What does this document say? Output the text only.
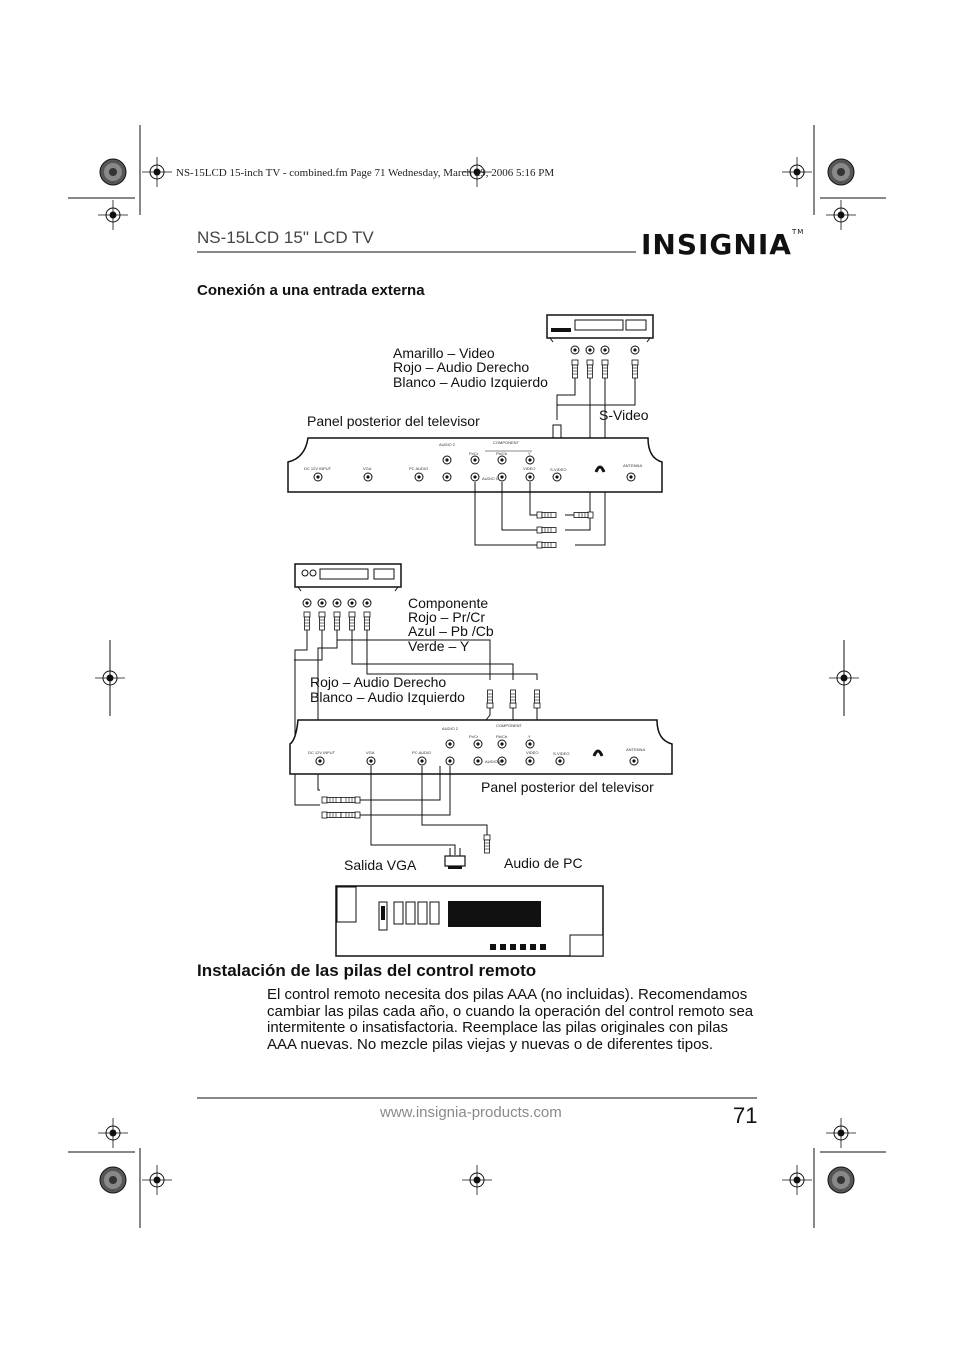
NS-15LCD 15-inch TV - combined.fm Page 71 Wednesday, March 29, 2006 5:16 PM
NS-15LCD 15" LCD TV	INSIGNIA™
Conexión a una entrada externa
Amarillo – Video
Rojo – Audio Derecho
Blanco – Audio Izquierdo
S-Video
Panel posterior del televisor
DC 12V INPUT	VGA	PC AUDIO
AUDIO 2	COMPONENT
Pr/Cr	Pb/Cb	Y
AUDIO 1
VIDEO	S-VIDEO
ANTENNA
Componente
Rojo – Pr/Cr
Azul – Pb /Cb
Verde – Y
Rojo – Audio Derecho
Blanco – Audio Izquierdo
Panel posterior del televisor
Salida VGA	Audio de PC
DC 12V INPUT	VGA	PC AUDIO
AUDIO 2
COMPONENT
Pr/Cr	Pb/Cb	Y
AUDIO 1
VIDEO	S-VIDEO
ANTENNA
Instalación de las pilas del control remoto
El control remoto necesita dos pilas AAA (no incluidas). Recomendamos cambiar las pilas cada año, o cuando la operación del control remoto sea intermitente o insatisfactoria. Reemplace las pilas originales con pilas AAA nuevas. No mezcle pilas viejas y nuevas o de diferentes tipos.
www.insignia-products.com	71
